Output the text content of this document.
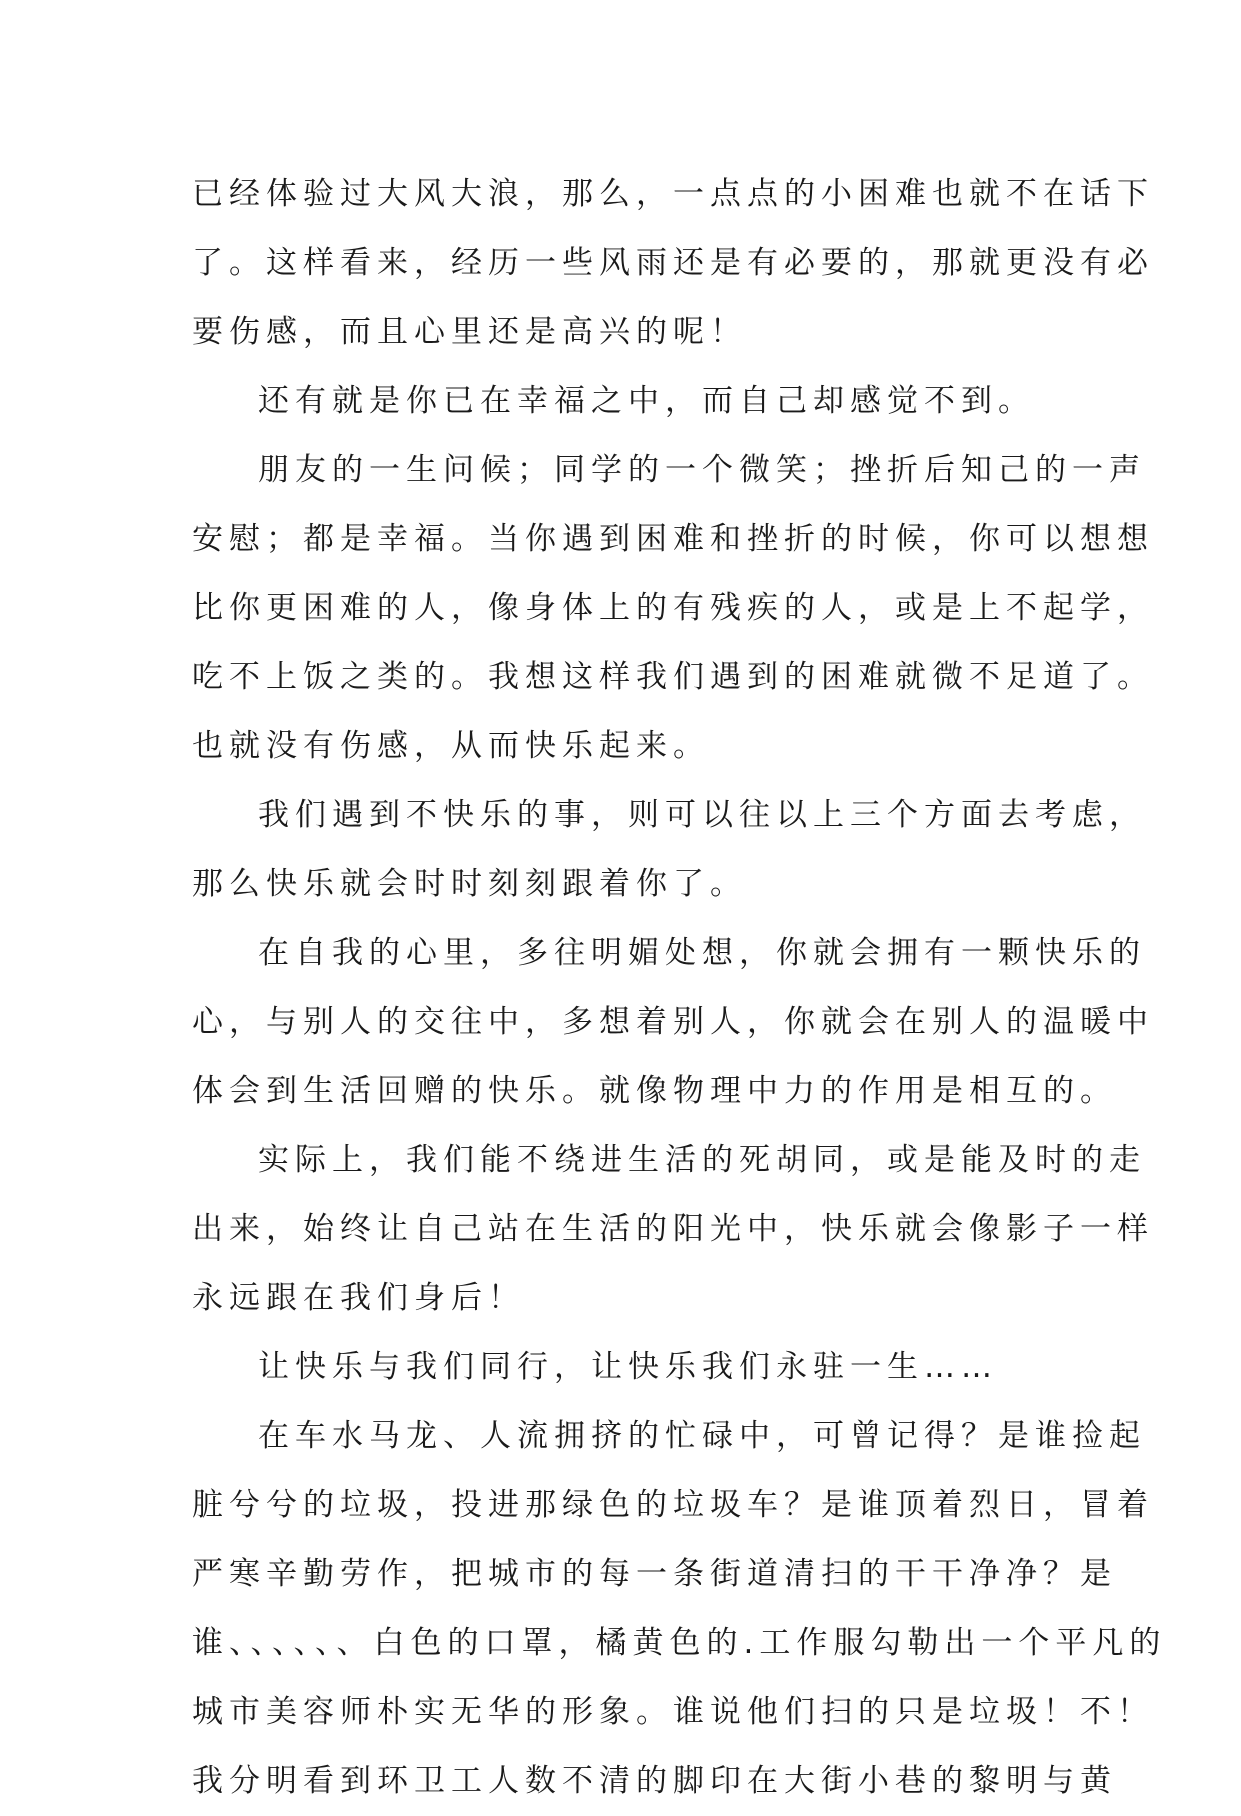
已经体验过大风大浪，那么，一点点的小困难也就不在话下
了。这样看来，经历一些风雨还是有必要的，那就更没有必
要伤感，而且心里还是高兴的呢！
还有就是你已在幸福之中，而自己却感觉不到。
朋友的一生问候；同学的一个微笑；挫折后知己的一声
安慰；都是幸福。当你遇到困难和挫折的时候，你可以想想
比你更困难的人，像身体上的有残疾的人，或是上不起学，
吃不上饭之类的。我想这样我们遇到的困难就微不足道了。
也就没有伤感，从而快乐起来。
我们遇到不快乐的事，则可以往以上三个方面去考虑，
那么快乐就会时时刻刻跟着你了。
在自我的心里，多往明媚处想，你就会拥有一颗快乐的
心，与别人的交往中，多想着别人，你就会在别人的温暖中
体会到生活回赠的快乐。就像物理中力的作用是相互的。
实际上，我们能不绕进生活的死胡同，或是能及时的走
出来，始终让自己站在生活的阳光中，快乐就会像影子一样
永远跟在我们身后！
让快乐与我们同行，让快乐我们永驻一生……
在车水马龙、人流拥挤的忙碌中，可曾记得？是谁捡起
脏兮兮的垃圾，投进那绿色的垃圾车？是谁顶着烈日，冒着
严寒辛勤劳作，把城市的每一条街道清扫的干干净净？是
谁、、、、、、白色的口罩，橘黄色的.工作服勾勒出一个平凡的
城市美容师朴实无华的形象。谁说他们扫的只是垃圾！不！
我分明看到环卫工人数不清的脚印在大街小巷的黎明与黄
